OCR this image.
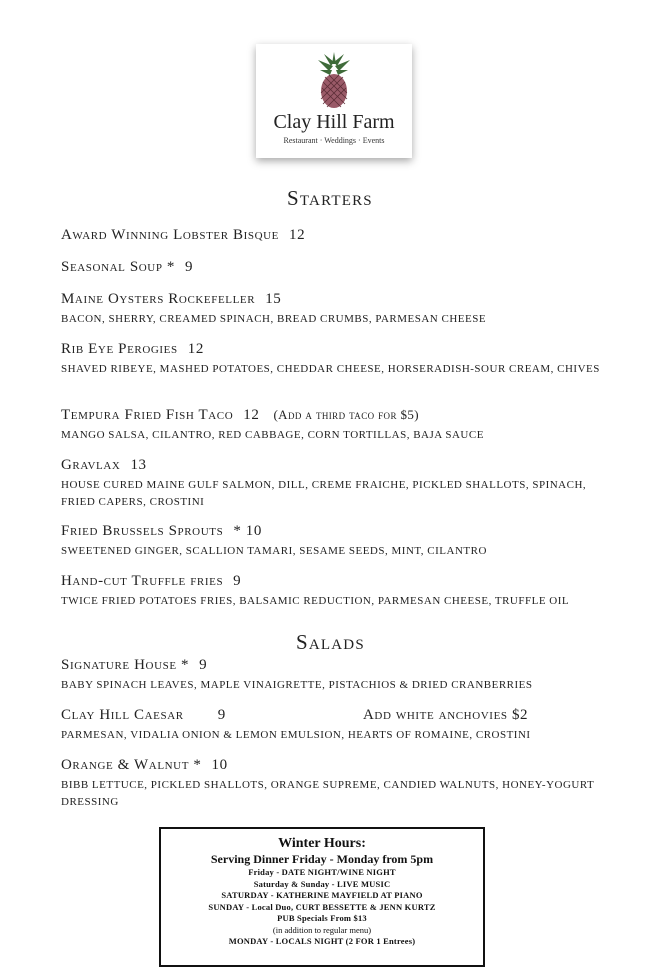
Clay Hill Farm
Restaurant · Weddings · Events
Starters
Award Winning Lobster Bisque 12
Seasonal Soup * 9
Maine Oysters Rockefeller 15
BACON, SHERRY, CREAMED SPINACH, BREAD CRUMBS, PARMESAN CHEESE
Rib Eye Perogies 12
SHAVED RIBEYE, MASHED POTATOES, CHEDDAR CHEESE, HORSERADISH-SOUR CREAM, CHIVES
Tempura Fried Fish Taco 12 (Add a third taco for $5)
MANGO SALSA, CILANTRO, RED CABBAGE, CORN TORTILLAS, BAJA SAUCE
Gravlax 13
HOUSE CURED MAINE GULF SALMON, DILL, CREME FRAICHE, PICKLED SHALLOTS, SPINACH, FRIED CAPERS, CROSTINI
Fried Brussels Sprouts * 10
SWEETENED GINGER, SCALLION TAMARI, SESAME SEEDS, MINT, CILANTRO
Hand-cut Truffle fries 9
TWICE FRIED POTATOES FRIES, BALSAMIC REDUCTION, PARMESAN CHEESE, TRUFFLE OIL
Salads
Signature House * 9
BABY SPINACH LEAVES, MAPLE VINAIGRETTE, PISTACHIOS & DRIED CRANBERRIES
Clay Hill Caesar 9	Add white anchovies $2
PARMESAN, VIDALIA ONION & LEMON EMULSION, HEARTS OF ROMAINE, CROSTINI
Orange & Walnut * 10
BIBB LETTUCE, PICKLED SHALLOTS, ORANGE SUPREME, CANDIED WALNUTS, HONEY-YOGURT DRESSING
Winter Hours:
Serving Dinner Friday - Monday from 5pm
Friday - DATE NIGHT/WINE NIGHT
Saturday & Sunday - LIVE MUSIC
SATURDAY - KATHERINE MAYFIELD AT PIANO
SUNDAY - Local Duo, CURT BESSETTE & JENN KURTZ
PUB Specials From $13
(in addition to regular menu)
MONDAY - LOCALS NIGHT (2 FOR 1 Entrees)
